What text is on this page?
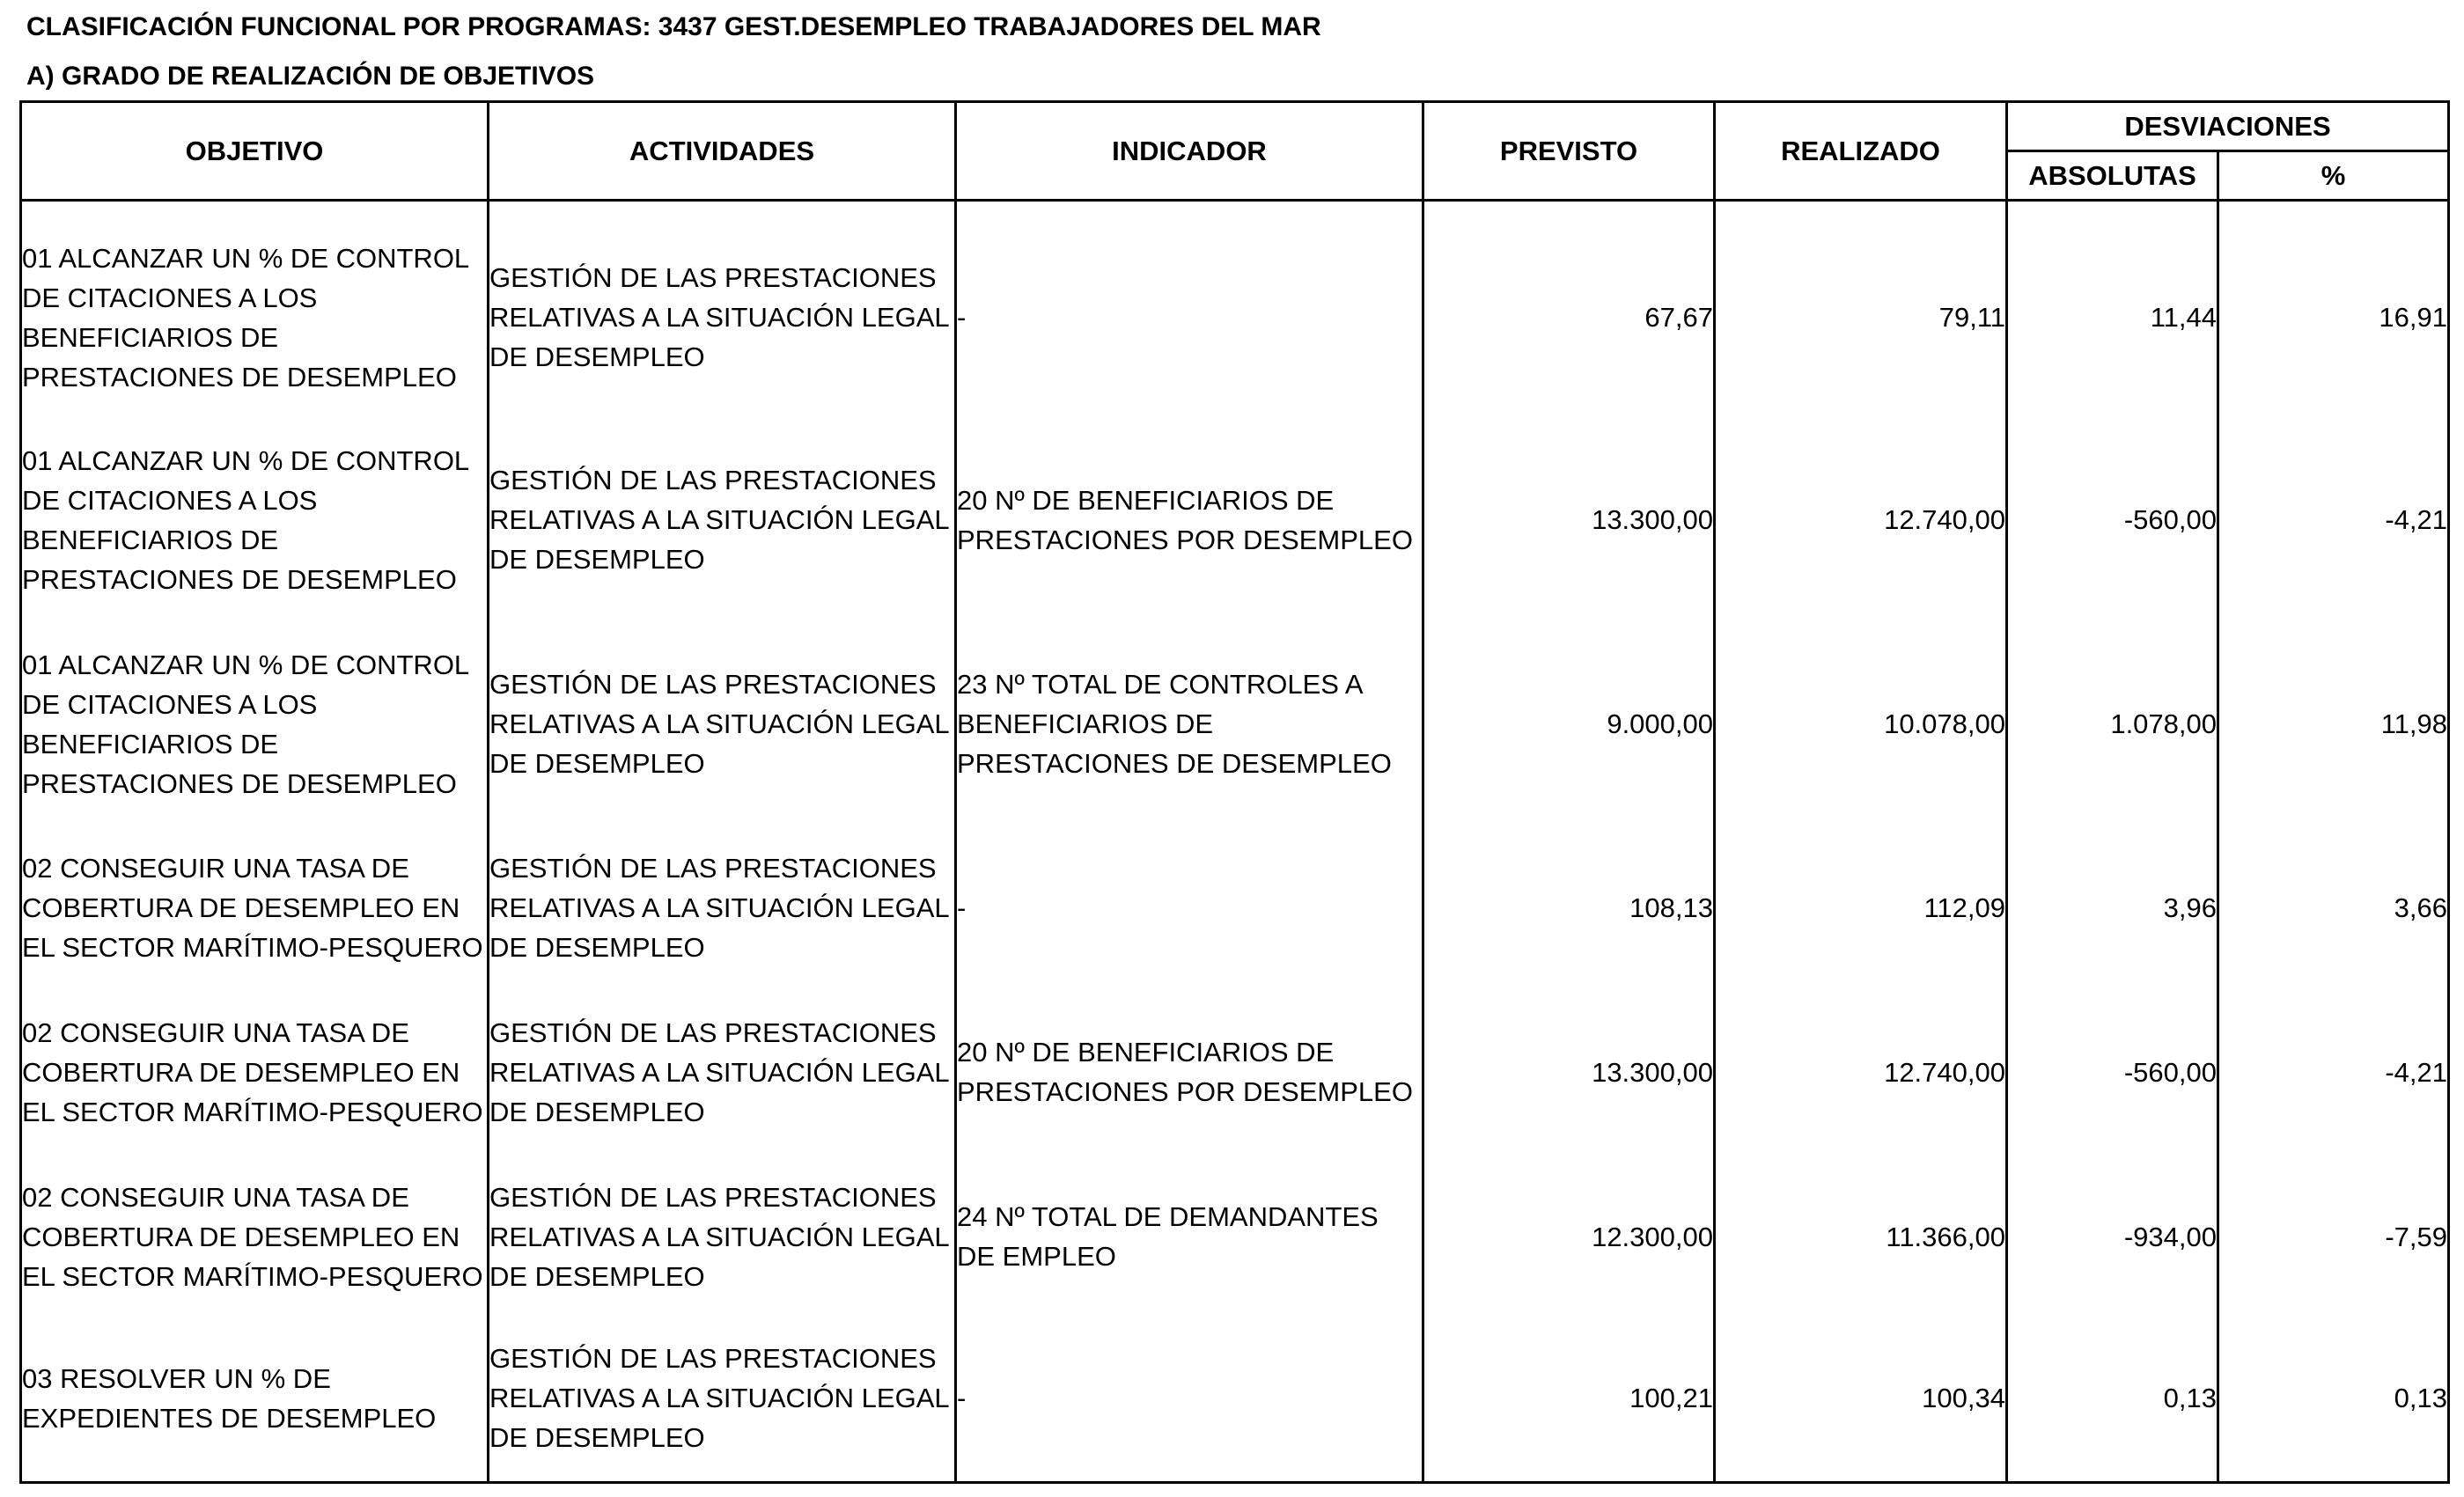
CLASIFICACIÓN FUNCIONAL POR PROGRAMAS: 3437 GEST.DESEMPLEO TRABAJADORES DEL MAR
A) GRADO DE REALIZACIÓN DE OBJETIVOS
OBJETIVO	ACTIVIDADES	INDICADOR	PREVISTO	REALIZADO	DESVIACIONES	
					ABSOLUTAS	%
01 ALCANZAR UN % DE CONTROL DE CITACIONES A LOS BENEFICIARIOS DE PRESTACIONES DE DESEMPLEO	GESTIÓN DE LAS PRESTACIONES RELATIVAS A LA SITUACIÓN LEGAL DE DESEMPLEO	-	67,67	79,11	11,44	16,91
01 ALCANZAR UN % DE CONTROL DE CITACIONES A LOS BENEFICIARIOS DE PRESTACIONES DE DESEMPLEO	GESTIÓN DE LAS PRESTACIONES RELATIVAS A LA SITUACIÓN LEGAL DE DESEMPLEO	20 Nº DE BENEFICIARIOS DE PRESTACIONES POR DESEMPLEO	13.300,00	12.740,00	-560,00	-4,21
01 ALCANZAR UN % DE CONTROL DE CITACIONES A LOS BENEFICIARIOS DE PRESTACIONES DE DESEMPLEO	GESTIÓN DE LAS PRESTACIONES RELATIVAS A LA SITUACIÓN LEGAL DE DESEMPLEO	23 Nº TOTAL DE CONTROLES A BENEFICIARIOS DE PRESTACIONES DE DESEMPLEO	9.000,00	10.078,00	1.078,00	11,98
02 CONSEGUIR UNA TASA DE COBERTURA DE DESEMPLEO EN EL SECTOR MARÍTIMO-PESQUERO	GESTIÓN DE LAS PRESTACIONES RELATIVAS A LA SITUACIÓN LEGAL DE DESEMPLEO	-	108,13	112,09	3,96	3,66
02 CONSEGUIR UNA TASA DE COBERTURA DE DESEMPLEO EN EL SECTOR MARÍTIMO-PESQUERO	GESTIÓN DE LAS PRESTACIONES RELATIVAS A LA SITUACIÓN LEGAL DE DESEMPLEO	20 Nº DE BENEFICIARIOS DE PRESTACIONES POR DESEMPLEO	13.300,00	12.740,00	-560,00	-4,21
02 CONSEGUIR UNA TASA DE COBERTURA DE DESEMPLEO EN EL SECTOR MARÍTIMO-PESQUERO	GESTIÓN DE LAS PRESTACIONES RELATIVAS A LA SITUACIÓN LEGAL DE DESEMPLEO	24 Nº TOTAL DE DEMANDANTES DE EMPLEO	12.300,00	11.366,00	-934,00	-7,59
03 RESOLVER UN % DE EXPEDIENTES DE DESEMPLEO	GESTIÓN DE LAS PRESTACIONES RELATIVAS A LA SITUACIÓN LEGAL DE DESEMPLEO	-	100,21	100,34	0,13	0,13
